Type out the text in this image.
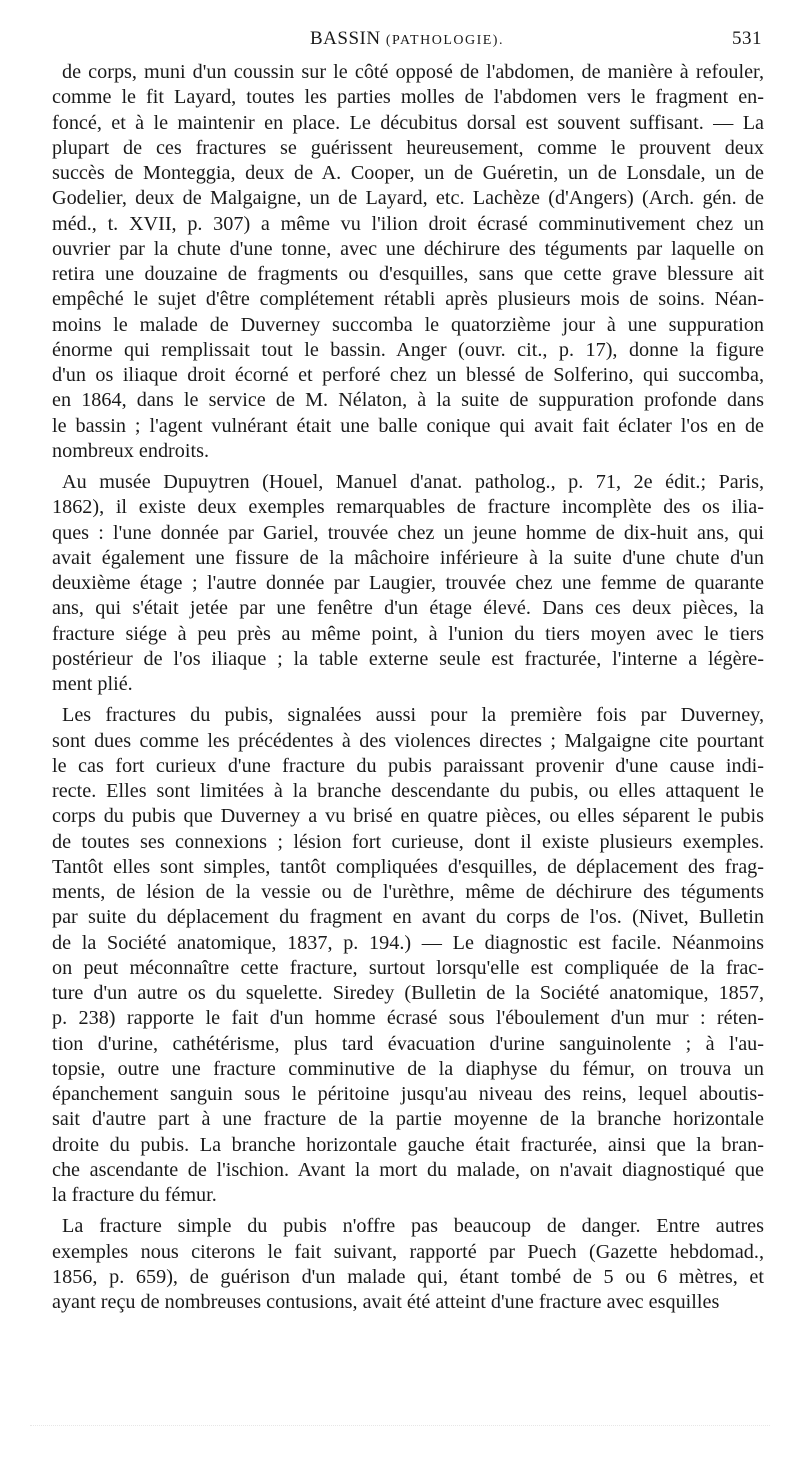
BASSIN (PATHOLOGIE).	531
de corps, muni d'un coussin sur le côté opposé de l'abdomen, de manière à refouler,
comme le fit Layard, toutes les parties molles de l'abdomen vers le fragment en-
foncé, et à le maintenir en place. Le décubitus dorsal est souvent suffisant. — La
plupart de ces fractures se guérissent heureusement, comme le prouvent deux
succès de Monteggia, deux de A. Cooper, un de Guéretin, un de Lonsdale, un de
Godelier, deux de Malgaigne, un de Layard, etc. Lachèze (d'Angers) (Arch. gén. de
méd., t. XVII, p. 307) a même vu l'ilion droit écrasé comminutivement chez un
ouvrier par la chute d'une tonne, avec une déchirure des téguments par laquelle on
retira une douzaine de fragments ou d'esquilles, sans que cette grave blessure ait
empêché le sujet d'être complétement rétabli après plusieurs mois de soins. Néan-
moins le malade de Duverney succomba le quatorzième jour à une suppuration
énorme qui remplissait tout le bassin. Anger (ouvr. cit., p. 17), donne la figure
d'un os iliaque droit écorné et perforé chez un blessé de Solferino, qui succomba,
en 1864, dans le service de M. Nélaton, à la suite de suppuration profonde dans
le bassin ; l'agent vulnérant était une balle conique qui avait fait éclater l'os en de
nombreux endroits.
Au musée Dupuytren (Houel, Manuel d'anat. patholog., p. 71, 2e édit.; Paris,
1862), il existe deux exemples remarquables de fracture incomplète des os ilia-
ques : l'une donnée par Gariel, trouvée chez un jeune homme de dix-huit ans, qui
avait également une fissure de la mâchoire inférieure à la suite d'une chute d'un
deuxième étage ; l'autre donnée par Laugier, trouvée chez une femme de quarante
ans, qui s'était jetée par une fenêtre d'un étage élevé. Dans ces deux pièces, la
fracture siége à peu près au même point, à l'union du tiers moyen avec le tiers
postérieur de l'os iliaque ; la table externe seule est fracturée, l'interne a légère-
ment plié.
Les fractures du pubis, signalées aussi pour la première fois par Duverney,
sont dues comme les précédentes à des violences directes ; Malgaigne cite pourtant
le cas fort curieux d'une fracture du pubis paraissant provenir d'une cause indi-
recte. Elles sont limitées à la branche descendante du pubis, ou elles attaquent le
corps du pubis que Duverney a vu brisé en quatre pièces, ou elles séparent le pubis
de toutes ses connexions ; lésion fort curieuse, dont il existe plusieurs exemples.
Tantôt elles sont simples, tantôt compliquées d'esquilles, de déplacement des frag-
ments, de lésion de la vessie ou de l'urèthre, même de déchirure des téguments
par suite du déplacement du fragment en avant du corps de l'os. (Nivet, Bulletin
de la Société anatomique, 1837, p. 194.) — Le diagnostic est facile. Néanmoins
on peut méconnaître cette fracture, surtout lorsqu'elle est compliquée de la frac-
ture d'un autre os du squelette. Siredey (Bulletin de la Société anatomique, 1857,
p. 238) rapporte le fait d'un homme écrasé sous l'éboulement d'un mur : réten-
tion d'urine, cathétérisme, plus tard évacuation d'urine sanguinolente ; à l'au-
topsie, outre une fracture comminutive de la diaphyse du fémur, on trouva un
épanchement sanguin sous le péritoine jusqu'au niveau des reins, lequel aboutis-
sait d'autre part à une fracture de la partie moyenne de la branche horizontale
droite du pubis. La branche horizontale gauche était fracturée, ainsi que la bran-
che ascendante de l'ischion. Avant la mort du malade, on n'avait diagnostiqué que
la fracture du fémur.
La fracture simple du pubis n'offre pas beaucoup de danger. Entre autres
exemples nous citerons le fait suivant, rapporté par Puech (Gazette hebdomad.,
1856, p. 659), de guérison d'un malade qui, étant tombé de 5 ou 6 mètres, et
ayant reçu de nombreuses contusions, avait été atteint d'une fracture avec esquilles
